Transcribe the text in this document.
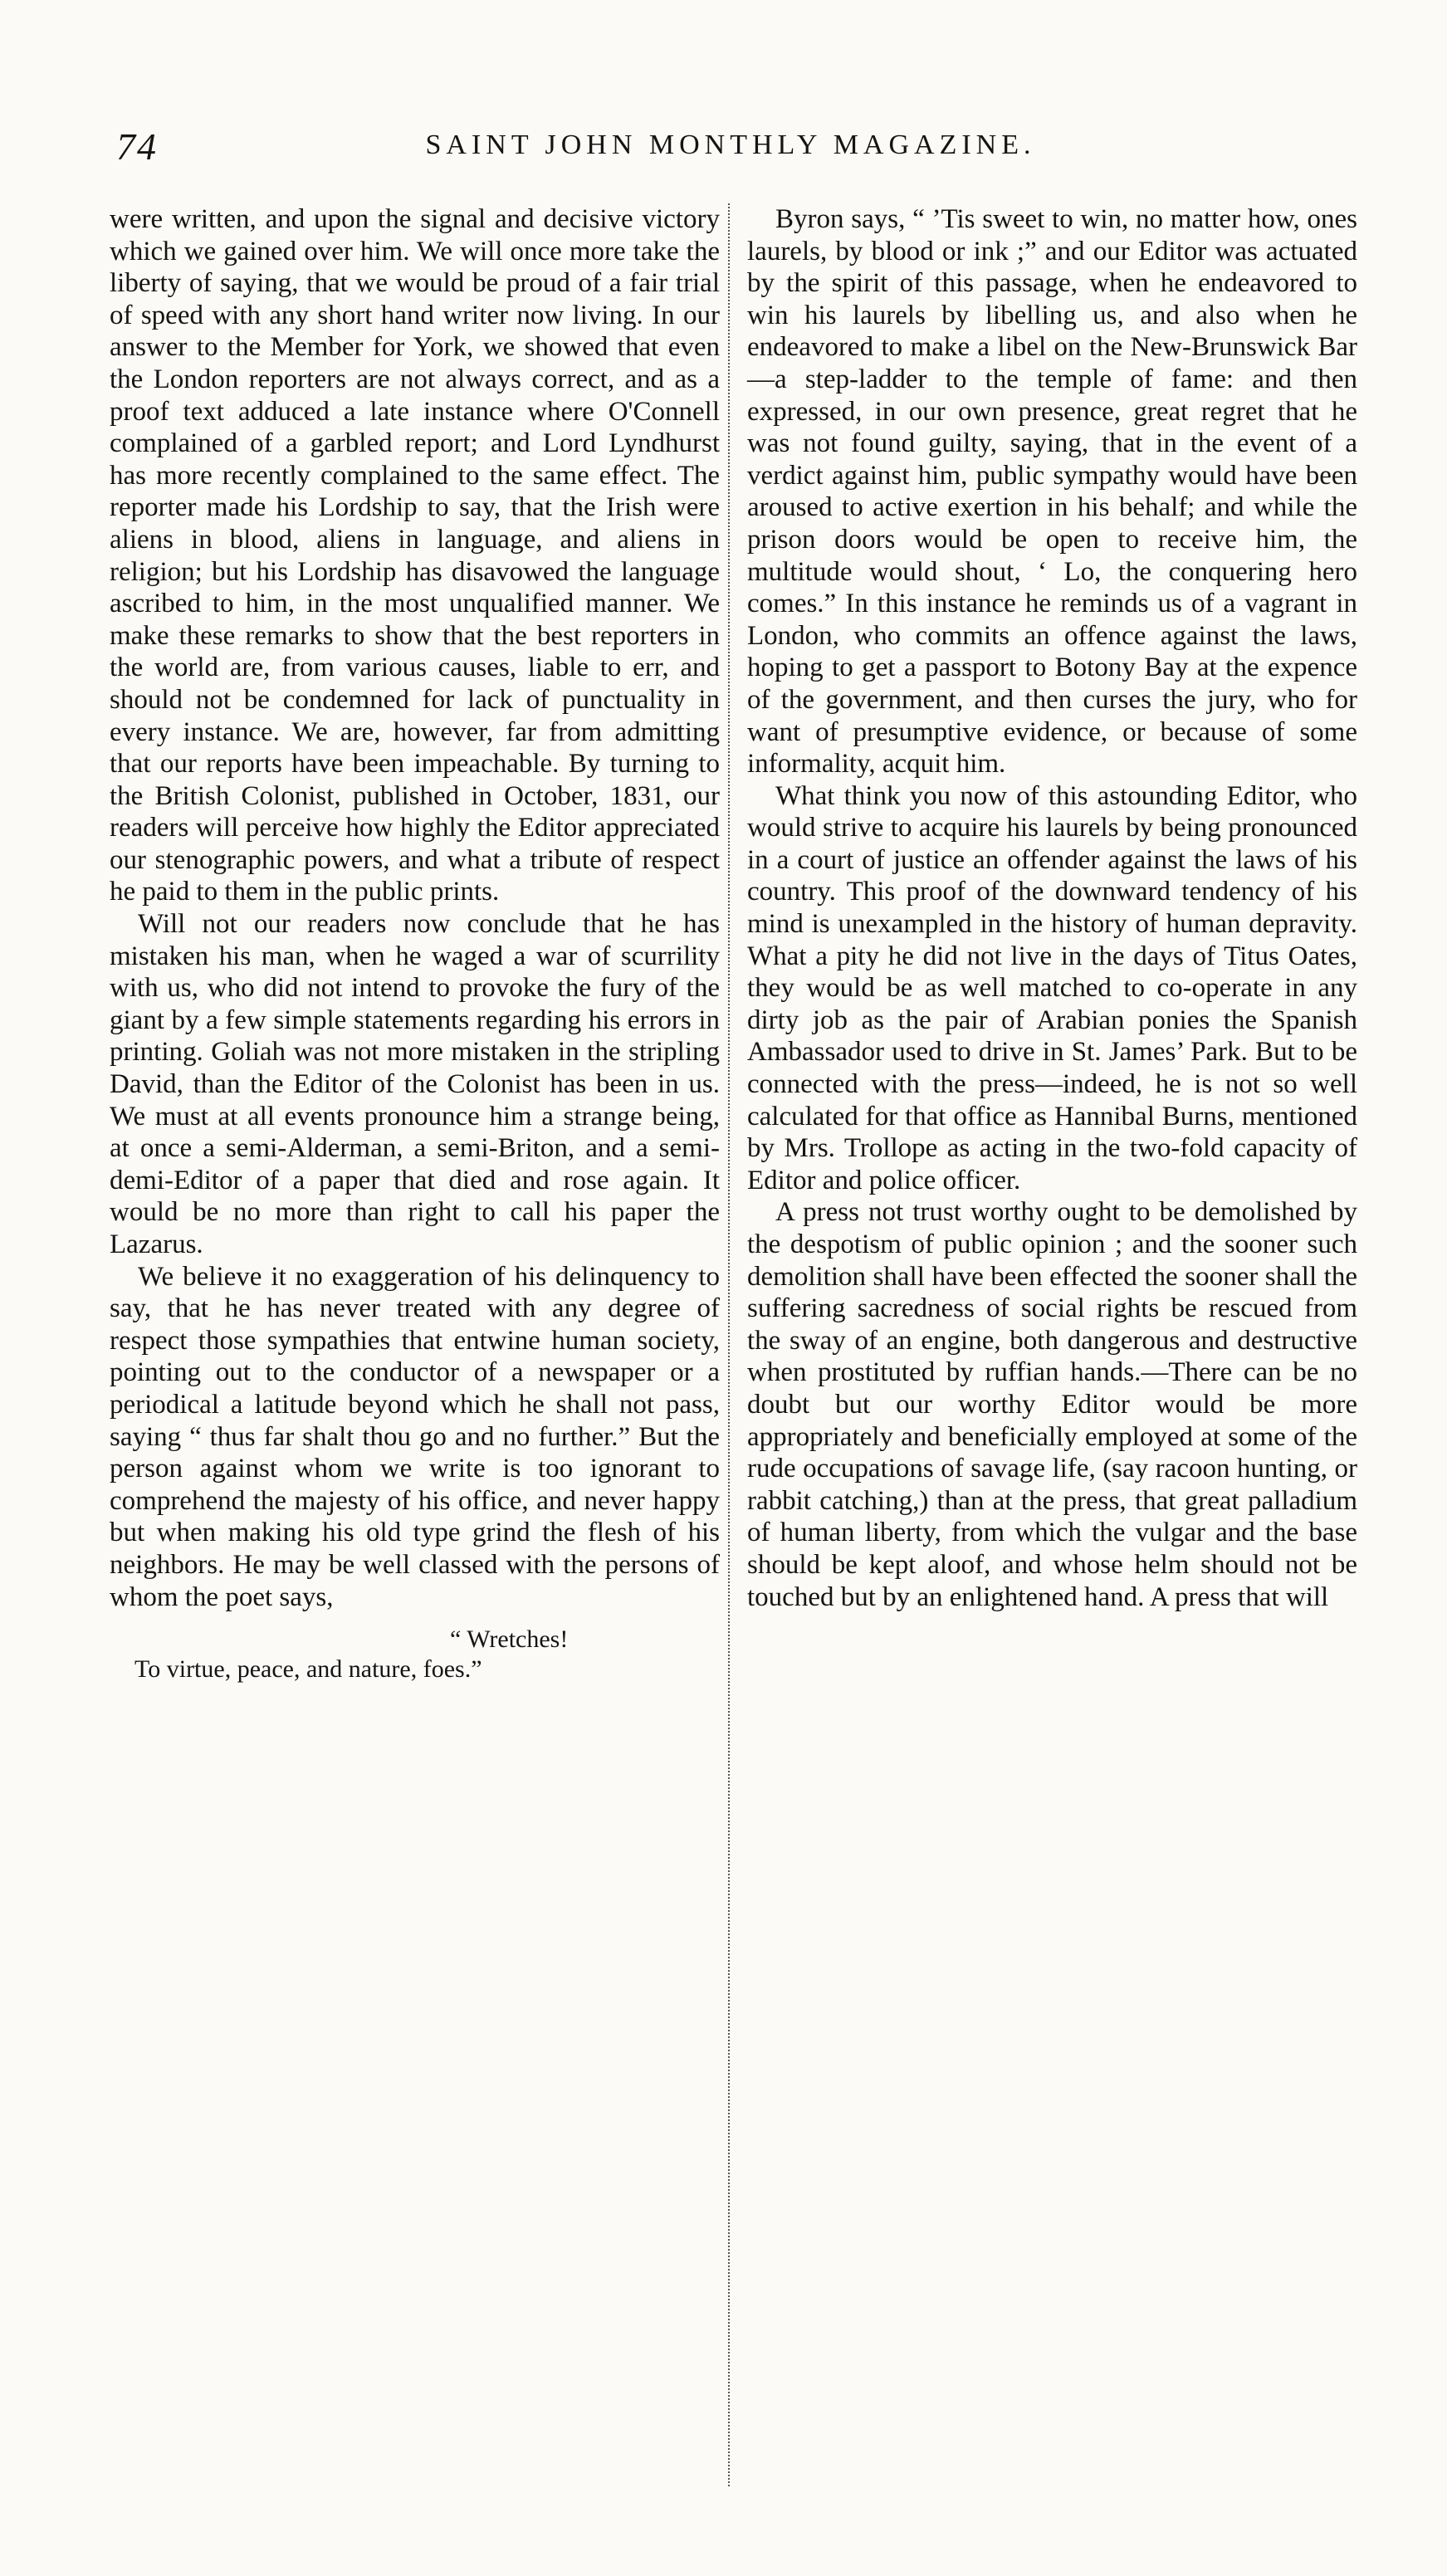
74	SAINT JOHN MONTHLY MAGAZINE.

were written, and upon the signal and decisive victory which we gained over him. We will once more take the liberty of saying, that we would be proud of a fair trial of speed with any short hand writer now living. In our answer to the Member for York, we showed that even the London reporters are not always correct, and as a proof text adduced a late instance where O'Connell complained of a garbled report; and Lord Lyndhurst has more recently complained to the same effect. The reporter made his Lordship to say, that the Irish were aliens in blood, aliens in language, and aliens in religion; but his Lordship has disavowed the language ascribed to him, in the most unqualified manner. We make these remarks to show that the best reporters in the world are, from various causes, liable to err, and should not be condemned for lack of punctuality in every instance. We are, however, far from admitting that our reports have been impeachable. By turning to the British Colonist, published in October, 1831, our readers will perceive how highly the Editor appreciated our stenographic powers, and what a tribute of respect he paid to them in the public prints.

Will not our readers now conclude that he has mistaken his man, when he waged a war of scurrility with us, who did not intend to provoke the fury of the giant by a few simple statements regarding his errors in printing. Goliah was not more mistaken in the stripling David, than the Editor of the Colonist has been in us. We must at all events pronounce him a strange being, at once a semi-Alderman, a semi-Briton, and a semi-demi-Editor of a paper that died and rose again. It would be no more than right to call his paper the Lazarus.

We believe it no exaggeration of his delinquency to say, that he has never treated with any degree of respect those sympathies that entwine human society, pointing out to the conductor of a newspaper or a periodical a latitude beyond which he shall not pass, saying “ thus far shalt thou go and no further.” But the person against whom we write is too ignorant to comprehend the majesty of his office, and never happy but when making his old type grind the flesh of his neighbors. He may be well classed with the persons of whom the poet says,

“ Wretches!
To virtue, peace, and nature, foes.”

Byron says, “ ’Tis sweet to win, no matter how, ones laurels, by blood or ink ;” and our Editor was actuated by the spirit of this passage, when he endeavored to win his laurels by libelling us, and also when he endeavored to make a libel on the New-Brunswick Bar—a step-ladder to the temple of fame: and then expressed, in our own presence, great regret that he was not found guilty, saying, that in the event of a verdict against him, public sympathy would have been aroused to active exertion in his behalf; and while the prison doors would be open to receive him, the multitude would shout, ‘ Lo, the conquering hero comes.” In this instance he reminds us of a vagrant in London, who commits an offence against the laws, hoping to get a passport to Botony Bay at the expence of the government, and then curses the jury, who for want of presumptive evidence, or because of some informality, acquit him.

What think you now of this astounding Editor, who would strive to acquire his laurels by being pronounced in a court of justice an offender against the laws of his country. This proof of the downward tendency of his mind is unexampled in the history of human depravity. What a pity he did not live in the days of Titus Oates, they would be as well matched to co-operate in any dirty job as the pair of Arabian ponies the Spanish Ambassador used to drive in St. James’ Park. But to be connected with the press—indeed, he is not so well calculated for that office as Hannibal Burns, mentioned by Mrs. Trollope as acting in the two-fold capacity of Editor and police officer.

A press not trust worthy ought to be demolished by the despotism of public opinion ; and the sooner such demolition shall have been effected the sooner shall the suffering sacredness of social rights be rescued from the sway of an engine, both dangerous and destructive when prostituted by ruffian hands.—There can be no doubt but our worthy Editor would be more appropriately and beneficially employed at some of the rude occupations of savage life, (say racoon hunting, or rabbit catching,) than at the press, that great palladium of human liberty, from which the vulgar and the base should be kept aloof, and whose helm should not be touched but by an enlightened hand. A press that will
